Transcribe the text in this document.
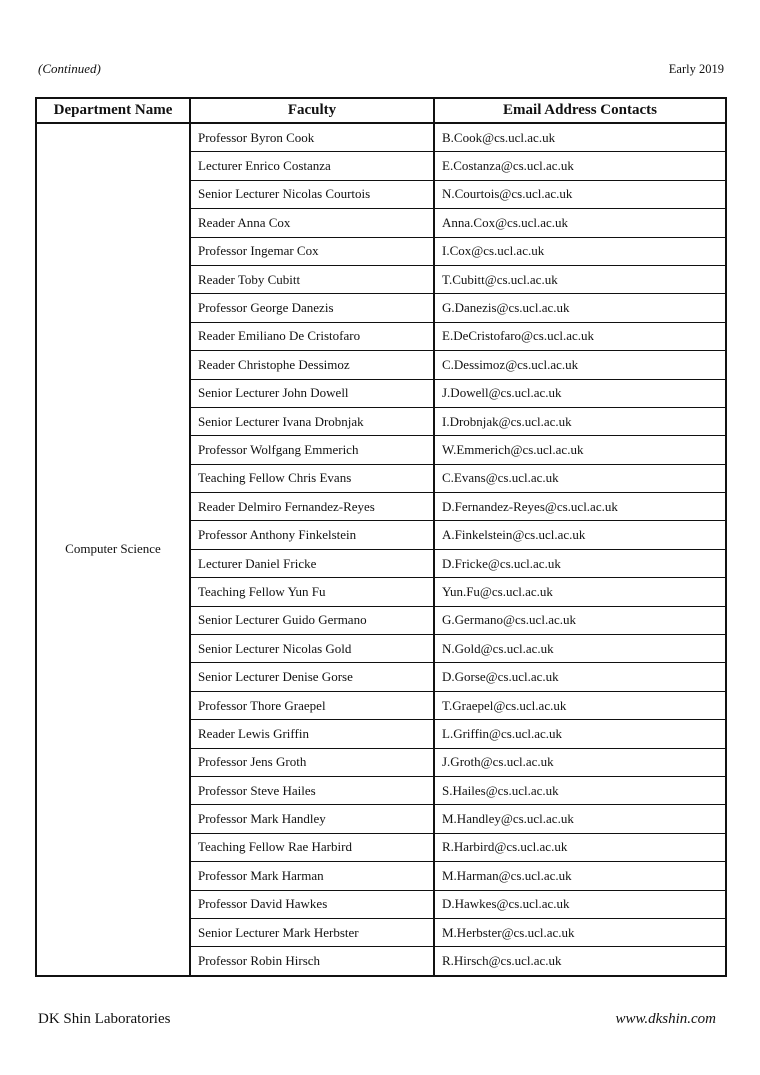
(Continued)	Early 2019
Department Name	Faculty	Email Address Contacts
Computer Science	Professor Byron Cook	B.Cook@cs.ucl.ac.uk
	Lecturer Enrico Costanza	E.Costanza@cs.ucl.ac.uk
	Senior Lecturer Nicolas Courtois	N.Courtois@cs.ucl.ac.uk
	Reader Anna Cox	Anna.Cox@cs.ucl.ac.uk
	Professor Ingemar Cox	I.Cox@cs.ucl.ac.uk
	Reader Toby Cubitt	T.Cubitt@cs.ucl.ac.uk
	Professor George Danezis	G.Danezis@cs.ucl.ac.uk
	Reader Emiliano De Cristofaro	E.DeCristofaro@cs.ucl.ac.uk
	Reader Christophe Dessimoz	C.Dessimoz@cs.ucl.ac.uk
	Senior Lecturer John Dowell	J.Dowell@cs.ucl.ac.uk
	Senior Lecturer Ivana Drobnjak	I.Drobnjak@cs.ucl.ac.uk
	Professor Wolfgang Emmerich	W.Emmerich@cs.ucl.ac.uk
	Teaching Fellow Chris Evans	C.Evans@cs.ucl.ac.uk
	Reader Delmiro Fernandez-Reyes	D.Fernandez-Reyes@cs.ucl.ac.uk
	Professor Anthony Finkelstein	A.Finkelstein@cs.ucl.ac.uk
	Lecturer Daniel Fricke	D.Fricke@cs.ucl.ac.uk
	Teaching Fellow Yun Fu	Yun.Fu@cs.ucl.ac.uk
	Senior Lecturer Guido Germano	G.Germano@cs.ucl.ac.uk
	Senior Lecturer Nicolas Gold	N.Gold@cs.ucl.ac.uk
	Senior Lecturer Denise Gorse	D.Gorse@cs.ucl.ac.uk
	Professor Thore Graepel	T.Graepel@cs.ucl.ac.uk
	Reader Lewis Griffin	L.Griffin@cs.ucl.ac.uk
	Professor Jens Groth	J.Groth@cs.ucl.ac.uk
	Professor Steve Hailes	S.Hailes@cs.ucl.ac.uk
	Professor Mark Handley	M.Handley@cs.ucl.ac.uk
	Teaching Fellow Rae Harbird	R.Harbird@cs.ucl.ac.uk
	Professor Mark Harman	M.Harman@cs.ucl.ac.uk
	Professor David Hawkes	D.Hawkes@cs.ucl.ac.uk
	Senior Lecturer Mark Herbster	M.Herbster@cs.ucl.ac.uk
	Professor Robin Hirsch	R.Hirsch@cs.ucl.ac.uk
DK Shin Laboratories	www.dkshin.com
